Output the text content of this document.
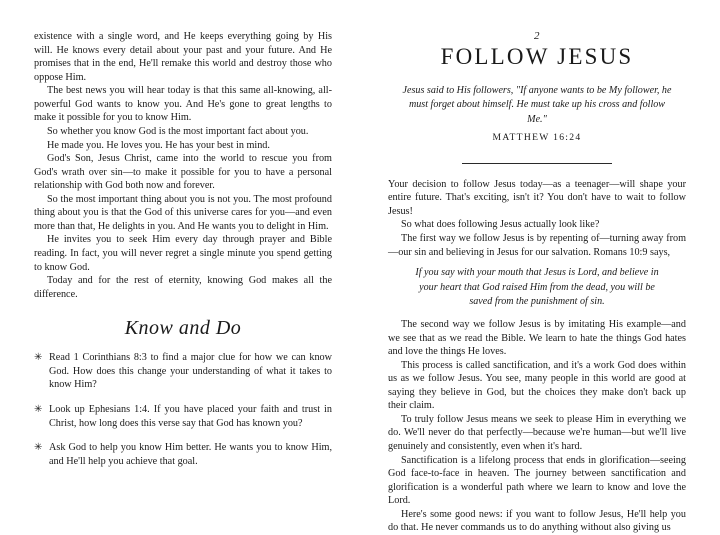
existence with a single word, and He keeps everything going by His will. He knows every detail about your past and your future. And He promises that in the end, He'll remake this world and destroy those who oppose Him.

The best news you will hear today is that this same all-knowing, all-powerful God wants to know you. And He's gone to great lengths to make it possible for you to know Him.

So whether you know God is the most important fact about you.

He made you. He loves you. He has your best in mind.

God's Son, Jesus Christ, came into the world to rescue you from God's wrath over sin—to make it possible for you to have a personal relationship with God both now and forever.

So the most important thing about you is not you. The most profound thing about you is that the God of this universe cares for you—and even more than that, He delights in you. And He wants you to delight in Him.

He invites you to seek Him every day through prayer and Bible reading. In fact, you will never regret a single minute you spend getting to know God.

Today and for the rest of eternity, knowing God makes all the difference.

Know and Do
✳ Read 1 Corinthians 8:3 to find a major clue for how we can know God. How does this change your understanding of what it takes to know Him?
✳ Look up Ephesians 1:4. If you have placed your faith and trust in Christ, how long does this verse say that God has known you?
✳ Ask God to help you know Him better. He wants you to know Him, and He'll help you achieve that goal.
2
FOLLOW JESUS

Jesus said to His followers, "If anyone wants to be My follower, he must forget about himself. He must take up his cross and follow Me."

MATTHEW 16:24

Your decision to follow Jesus today—as a teenager—will shape your entire future. That's exciting, isn't it? You don't have to wait to follow Jesus!

So what does following Jesus actually look like?

The first way we follow Jesus is by repenting of—turning away from—our sin and believing in Jesus for our salvation. Romans 10:9 says,

If you say with your mouth that Jesus is Lord, and believe in your heart that God raised Him from the dead, you will be saved from the punishment of sin.

The second way we follow Jesus is by imitating His example—and we see that as we read the Bible. We learn to hate the things God hates and love the things He loves.

This process is called sanctification, and it's a work God does within us as we follow Jesus. You see, many people in this world are good at saying they believe in God, but the choices they make don't back up their claim.

To truly follow Jesus means we seek to please Him in everything we do. We'll never do that perfectly—because we're human—but we'll live genuinely and consistently, even when it's hard.

Sanctification is a lifelong process that ends in glorification—seeing God face-to-face in heaven. The journey between sanctification and glorification is a wonderful path where we learn to know and love the Lord.

Here's some good news: if you want to follow Jesus, He'll help you do that. He never commands us to do anything without also giving us
